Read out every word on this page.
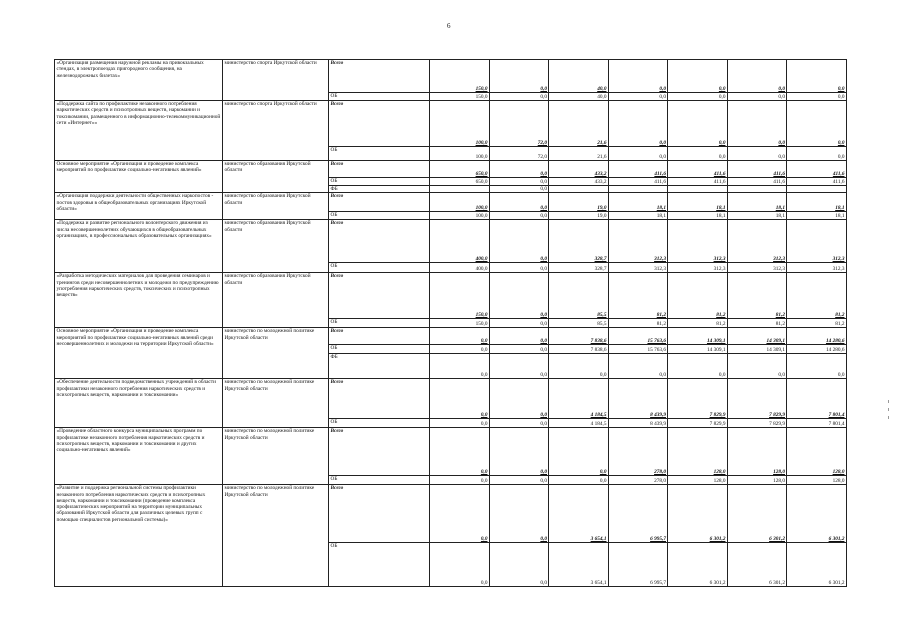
6
«Организация размещения наружной рекламы на привокзальных стендах, в электропоездах пригородного сообщения, на железнодорожных билетах»	министерство спорта Иркутской области	Всего	150,0	0,0	40,0	0,0	0,0	0,0	0,0
		ОБ	150,0	0,0	40,0	0,0	0,0	0,0	0,0
«Поддержка сайта по профилактике незаконного потребления наркотических средств и психотропных веществ, наркомании и токсикомании, размещенного в информационно-телекоммуникационной сети «Интернет»»	министерство спорта Иркутской области	Всего	100,0	72,0	21,6	0,0	0,0	0,0	0,0
		ОБ	100,0	72,0	21,6	0,0	0,0	0,0	0,0
Основное мероприятие «Организация и проведение комплекса мероприятий по профилактике социально-негативных явлений»	министерство образования Иркутской области	Всего	650,0	0,0	433,2	411,6	411,6	411,6	411,6
		ОБ	650,0	0,0	433,2	411,6	411,6	411,6	411,6
		ФБ		0,0					
«Организация поддержки деятельности общественных наркопостов - постов здоровья в общеобразовательных организациях Иркутской области»	министерство образования Иркутской области	Всего	100,0	0,0	19,0	18,1	18,1	18,1	18,1
		ОБ	100,0	0,0	19,0	18,1	18,1	18,1	18,1
«Поддержка и развитие регионального волонтерского движения из числа несовершеннолетних обучающихся в общеобразовательных организациях, в профессиональных образовательных организациях»	министерство образования Иркутской области	Всего	400,0	0,0	328,7	312,3	312,3	312,3	312,3
		ОБ	400,0	0,0	328,7	312,3	312,3	312,3	312,3
«Разработка методических материалов для проведения семинаров и тренингов среди несовершеннолетних и молодежи по предупреждению употребления наркотических средств, токсических и психотропных веществ»	министерство образования Иркутской области	Всего	150,0	0,0	85,5	81,2	81,2	81,2	81,2
		ОБ	150,0	0,0	85,5	81,2	81,2	81,2	81,2
Основное мероприятие «Организация и проведение комплекса мероприятий по профилактике социально-негативных явлений среди несовершеннолетних и молодежи на территории Иркутской области»	министерство по молодежной политике Иркутской области	Всего	0,0	0,0	7 838,6	15 763,6	14 309,1	14 309,1	14 280,6
		ОБ	0,0	0,0	7 838,6	15 763,6	14 309,1	14 309,1	14 280,6
		ФБ	0,0	0,0	0,0	0,0	0,0	0,0	0,0
«Обеспечение деятельности подведомственных учреждений в области профилактики незаконного потребления наркотических средств и психотропных веществ, наркомании и токсикомании»	министерство по молодежной политике Иркутской области	Всего	0,0	0,0	4 184,5	8 439,9	7 829,9	7 829,9	7 801,4
		ОБ	0,0	0,0	4 184,5	8 439,9	7 829,9	7 829,9	7 801,4
«Проведение областного конкурса муниципальных программ по профилактике незаконного потребления наркотических средств и психотропных веществ, наркомании и токсикомании и других социально-негативных явлений»	министерство по молодежной политике Иркутской области	Всего	0,0	0,0	0,0	278,0	128,0	128,0	128,0
		ОБ	0,0	0,0	0,0	278,0	128,0	128,0	128,0
«Развитие и поддержка региональной системы профилактики незаконного потребления наркотических средств и психотропных веществ, наркомании и токсикомании (проведение комплекса профилактических мероприятий на территории муниципальных образований Иркутской области для различных целевых групп с помощью специалистов региональной системы)»	министерство по молодежной политике Иркутской области	Всего	0,0	0,0	3 654,1	6 995,7	6 301,2	6 301,2	6 301,2
		ОБ	0,0	0,0	3 654,1	6 995,7	6 301,2	6 301,2	6 301,2
